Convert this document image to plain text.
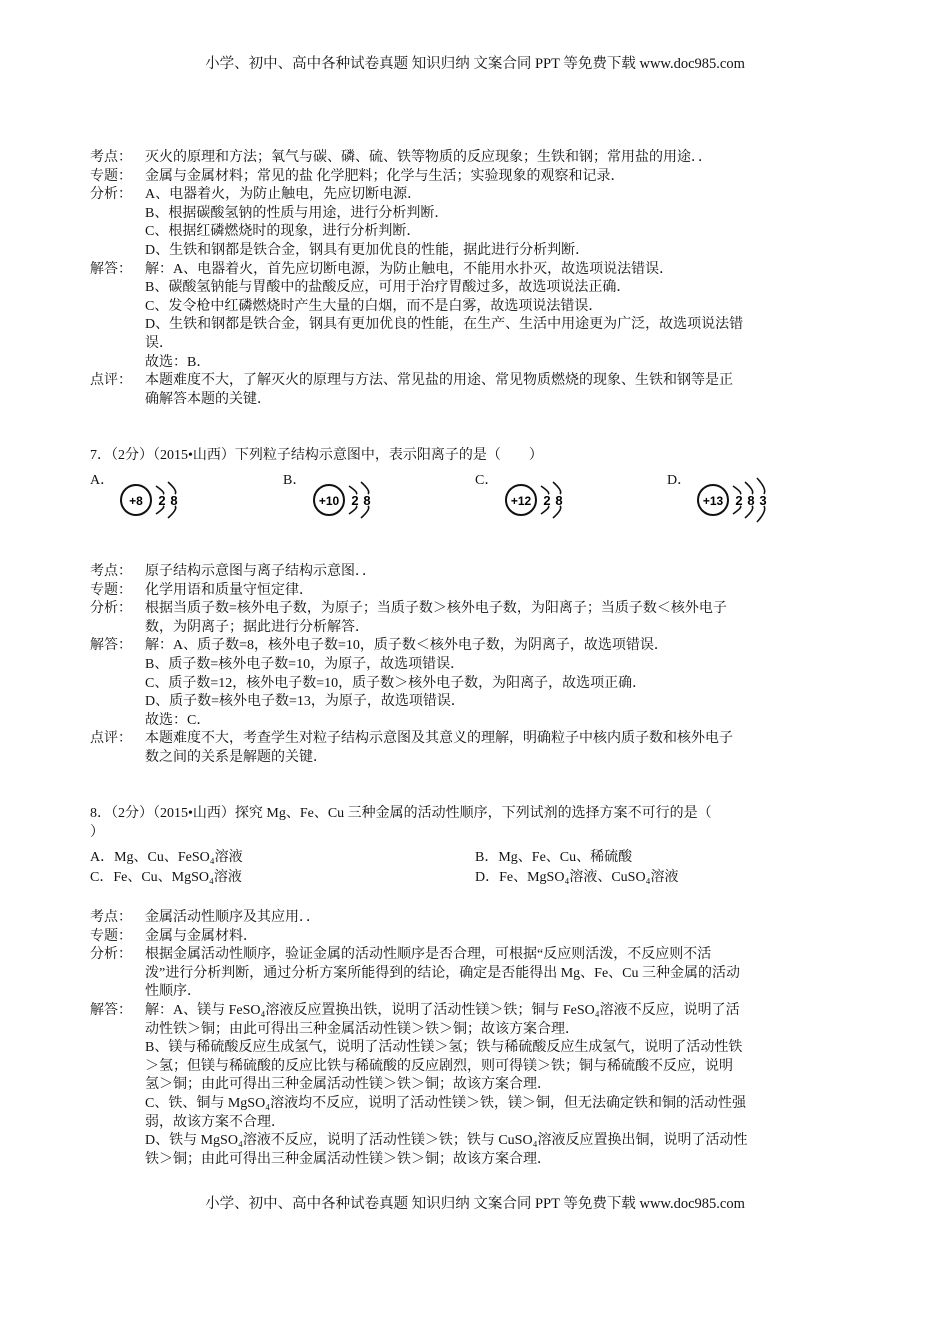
小学、初中、高中各种试卷真题 知识归纳 文案合同 PPT 等免费下载 www.doc985.com
考点： 灭火的原理和方法；氧气与碳、磷、硫、铁等物质的反应现象；生铁和钢；常用盐的用途．．
专题： 金属与金属材料；常见的盐 化学肥料；化学与生活；实验现象的观察和记录．
分析： A、电器着火，为防止触电，先应切断电源．
B、根据碳酸氢钠的性质与用途，进行分析判断．
C、根据红磷燃烧时的现象，进行分析判断．
D、生铁和钢都是铁合金，钢具有更加优良的性能，据此进行分析判断．
解答： 解：A、电器着火，首先应切断电源，为防止触电，不能用水扑灭，故选项说法错误．
B、碳酸氢钠能与胃酸中的盐酸反应，可用于治疗胃酸过多，故选项说法正确．
C、发令枪中红磷燃烧时产生大量的白烟，而不是白雾，故选项说法错误．
D、生铁和钢都是铁合金，钢具有更加优良的性能，在生产、生活中用途更为广泛，故选项说法错
误．
故选：B．
点评： 本题难度不大，了解灭火的原理与方法、常见盐的用途、常见物质燃烧的现象、生铁和钢等是正
确解答本题的关键．
7．（2分）（2015•山西）下列粒子结构示意图中，表示阳离子的是（　　）
A．
+8 2 8
B．
+10 2 8
C．
+12 2 8
D．
+13 2 8 3
考点： 原子结构示意图与离子结构示意图．．
专题： 化学用语和质量守恒定律．
分析： 根据当质子数=核外电子数，为原子；当质子数＞核外电子数，为阳离子；当质子数＜核外电子
数，为阴离子；据此进行分析解答．
解答： 解：A、质子数=8，核外电子数=10，质子数＜核外电子数，为阴离子，故选项错误．
B、质子数=核外电子数=10，为原子，故选项错误．
C、质子数=12，核外电子数=10，质子数＞核外电子数，为阳离子，故选项正确．
D、质子数=核外电子数=13，为原子，故选项错误．
故选：C．
点评： 本题难度不大，考查学生对粒子结构示意图及其意义的理解，明确粒子中核内质子数和核外电子
数之间的关系是解题的关键．
8．（2分）（2015•山西）探究 Mg、Fe、Cu 三种金属的活动性顺序，下列试剂的选择方案不可行的是（
）
A．Mg、Cu、FeSO₄溶液	B．Mg、Fe、Cu、稀硫酸
C．Fe、Cu、MgSO₄溶液	D．Fe、MgSO₄溶液、CuSO₄溶液
考点： 金属活动性顺序及其应用．．
专题： 金属与金属材料．
分析： 根据金属活动性顺序，验证金属的活动性顺序是否合理，可根据“反应则活泼，不反应则不活
泼”进行分析判断，通过分析方案所能得到的结论，确定是否能得出 Mg、Fe、Cu 三种金属的活动
性顺序．
解答： 解：A、镁与 FeSO₄溶液反应置换出铁，说明了活动性镁＞铁；铜与 FeSO₄溶液不反应，说明了活
动性铁＞铜；由此可得出三种金属活动性镁＞铁＞铜；故该方案合理．
B、镁与稀硫酸反应生成氢气，说明了活动性镁＞氢；铁与稀硫酸反应生成氢气，说明了活动性铁
＞氢；但镁与稀硫酸的反应比铁与稀硫酸的反应剧烈，则可得镁＞铁；铜与稀硫酸不反应，说明
氢＞铜；由此可得出三种金属活动性镁＞铁＞铜；故该方案合理．
C、铁、铜与 MgSO₄溶液均不反应，说明了活动性镁＞铁，镁＞铜，但无法确定铁和铜的活动性强
弱，故该方案不合理．
D、铁与 MgSO₄溶液不反应，说明了活动性镁＞铁；铁与 CuSO₄溶液反应置换出铜，说明了活动性
铁＞铜；由此可得出三种金属活动性镁＞铁＞铜；故该方案合理．
小学、初中、高中各种试卷真题 知识归纳 文案合同 PPT 等免费下载 www.doc985.com
